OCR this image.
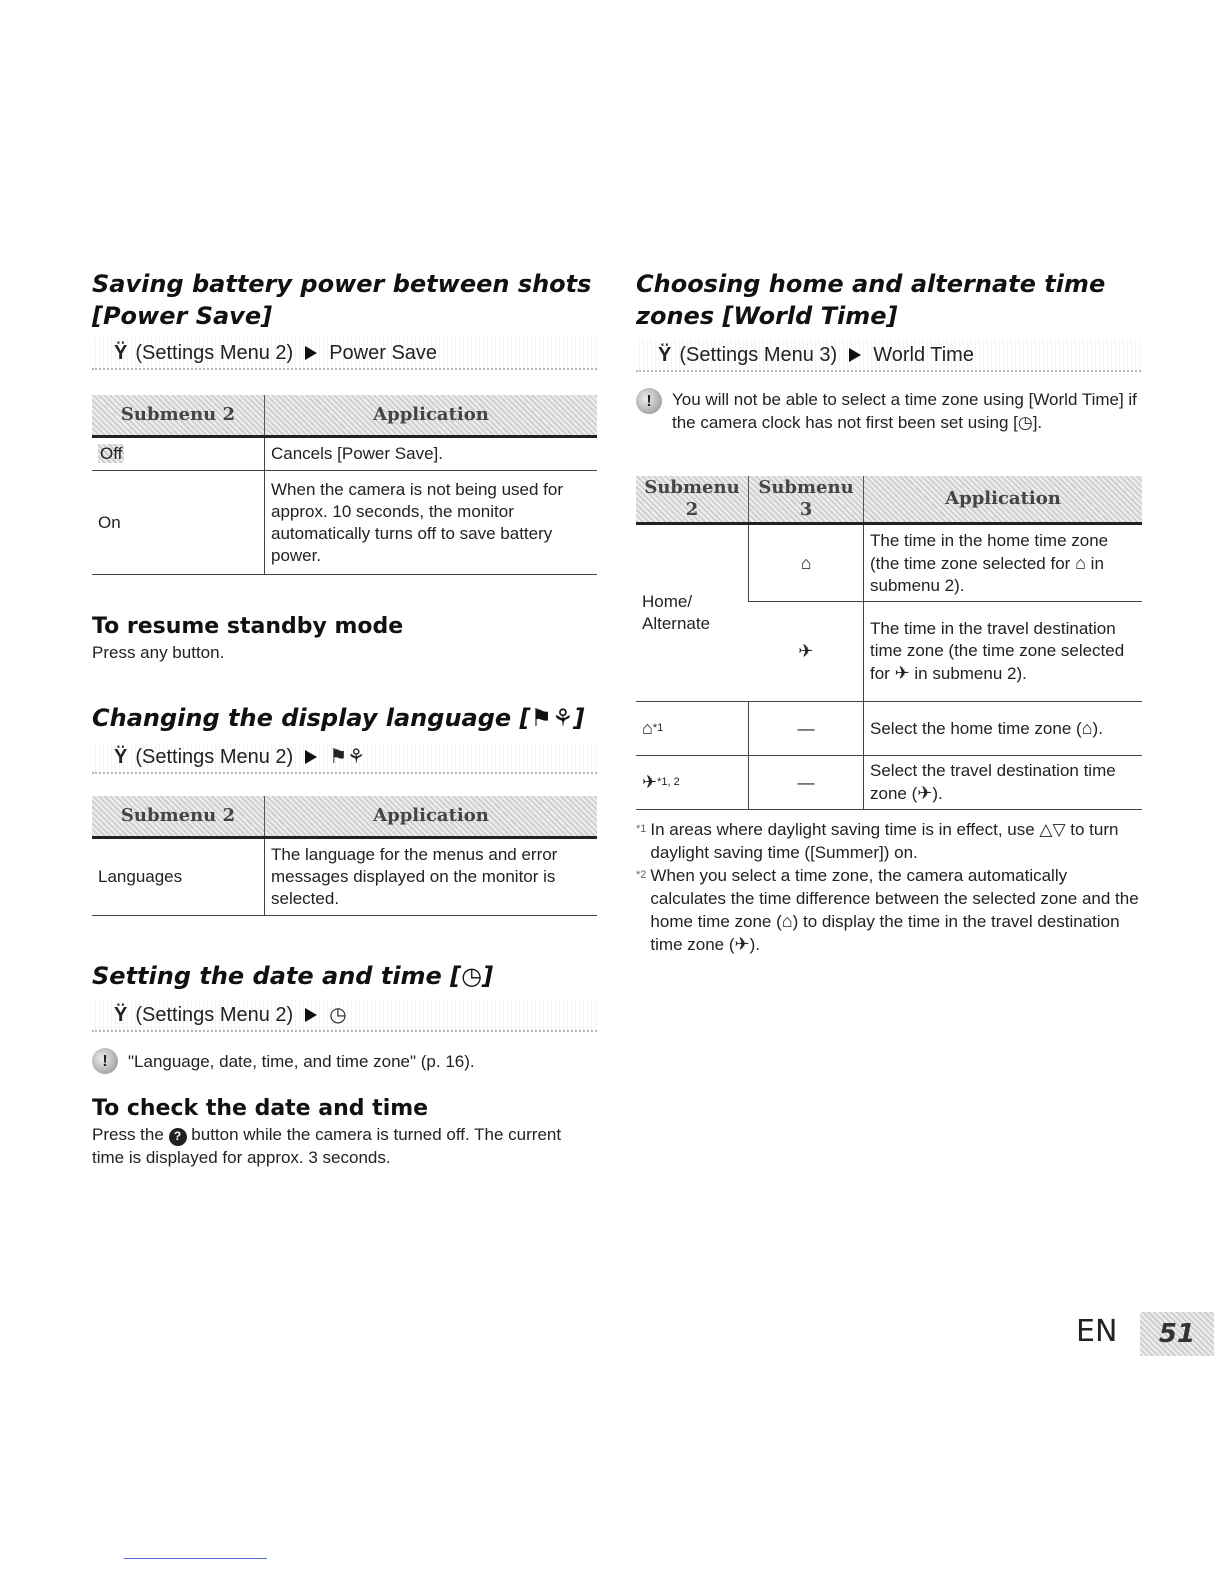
Saving battery power between shots
[Power Save]
Ÿ (Settings Menu 2) Power Save
Submenu 2	Application
Off	Cancels [Power Save].
On	When the camera is not being used for approx. 10 seconds, the monitor automatically turns off to save battery power.
To resume standby mode
Press any button.
Changing the display language [⚑⚘]
Ÿ (Settings Menu 2) ⚑⚘
Submenu 2	Application
Languages	The language for the menus and error messages displayed on the monitor is selected.
Setting the date and time [◷]
Ÿ (Settings Menu 2) ◷
!	"Language, date, time, and time zone" (p. 16).
To check the date and time
Press the ? button while the camera is turned off. The current time is displayed for approx. 3 seconds.
Choosing home and alternate time
zones [World Time]
Ÿ (Settings Menu 3) World Time
!	You will not be able to select a time zone using [World Time] if the camera clock has not first been set using [◷].
Submenu 2	Submenu 3	Application
Home/ Alternate	⌂	The time in the home time zone (the time zone selected for ⌂ in submenu 2).
	✈	The time in the travel destination time zone (the time zone selected for ✈ in submenu 2).
⌂$^{*1}$	—	Select the home time zone (⌂).
✈$^{*1, 2}$	—	Select the travel destination time zone (✈).
*1 In areas where daylight saving time is in effect, use △▽ to turn daylight saving time ([Summer]) on.
*2 When you select a time zone, the camera automatically calculates the time difference between the selected zone and the home time zone (⌂) to display the time in the travel destination time zone (✈).
EN	51
